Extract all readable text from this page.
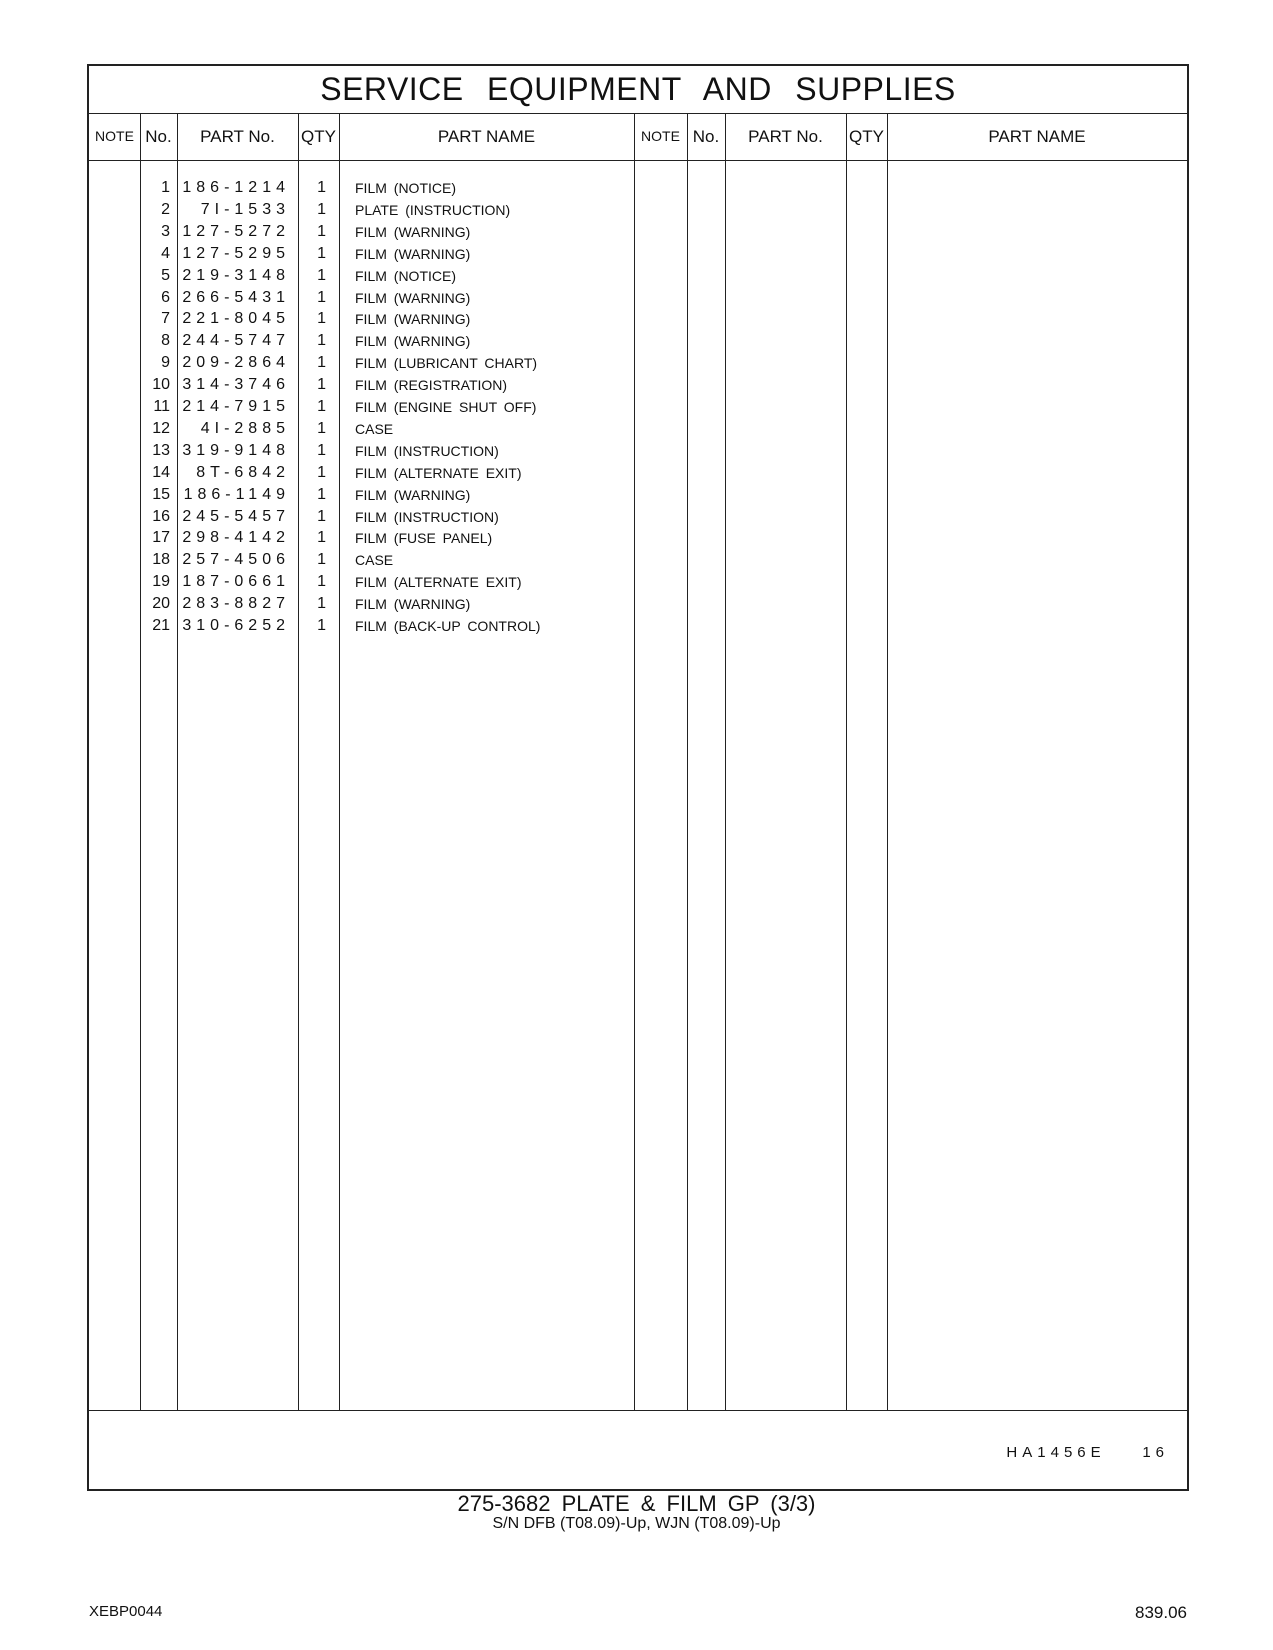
SERVICE EQUIPMENT AND SUPPLIES
NOTE No.	PART No.	QTY	PART NAME	NOTE No.	PART No.	QTY	PART NAME
1 186-1214	1 FILM (NOTICE)
2	7I-1533	1 PLATE (INSTRUCTION)
3 127-5272	1 FILM (WARNING)
4 127-5295	1 FILM (WARNING)
5 219-3148	1 FILM (NOTICE)
6 266-5431	1 FILM (WARNING)
7 221-8045	1 FILM (WARNING)
8 244-5747	1 FILM (WARNING)
9 209-2864	1 FILM (LUBRICANT CHART)
10 314-3746	1 FILM (REGISTRATION)
11 214-7915	1 FILM (ENGINE SHUT OFF)
12	4I-2885	1 CASE
13 319-9148	1 FILM (INSTRUCTION)
14	8T-6842	1 FILM (ALTERNATE EXIT)
15 186-1149	1 FILM (WARNING)
16 245-5457	1 FILM (INSTRUCTION)
17 298-4142	1 FILM (FUSE PANEL)
18 257-4506	1 CASE
19 187-0661	1 FILM (ALTERNATE EXIT)
20 283-8827	1 FILM (WARNING)
21 310-6252	1 FILM (BACK-UP CONTROL)
HA1456E 16
275-3682 PLATE & FILM GP (3/3)
S/N DFB (T08.09)-Up, WJN (T08.09)-Up
XEBP0044	839.06
